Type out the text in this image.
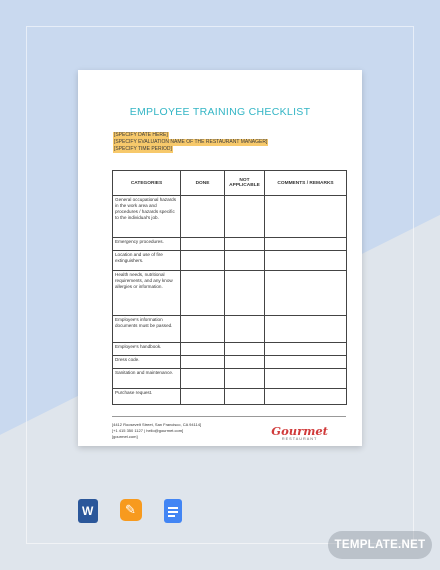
EMPLOYEE TRAINING CHECKLIST
[SPECIFY DATE HERE]
[SPECIFY EVALUATION NAME OF THE RESTAURANT MANAGER]
[SPECIFY TIME PERIOD]
CATEGORIES	DONE	NOT APPLICABLE	COMMENTS / REMARKS
General occupational hazards in the work area and procedures / hazards specific to the individual’s job.			
Emergency procedures.			
Location and use of fire extinguishers.			
Health needs, nutritional requirements, and any know allergies or information.			
Employee’s information documents must be passed.			
Employee’s handbook.			
Dress code.			
Sanitation and maintenance.			
Purchase request.			
[4412 Roosevelt Street, San Francisco, CA 94114]
[+1 415 350 1127 | hello@gourmet.com]
[gourmet.com]	Gourmet
RESTAURANT
W ✎
TEMPLATE.NET
